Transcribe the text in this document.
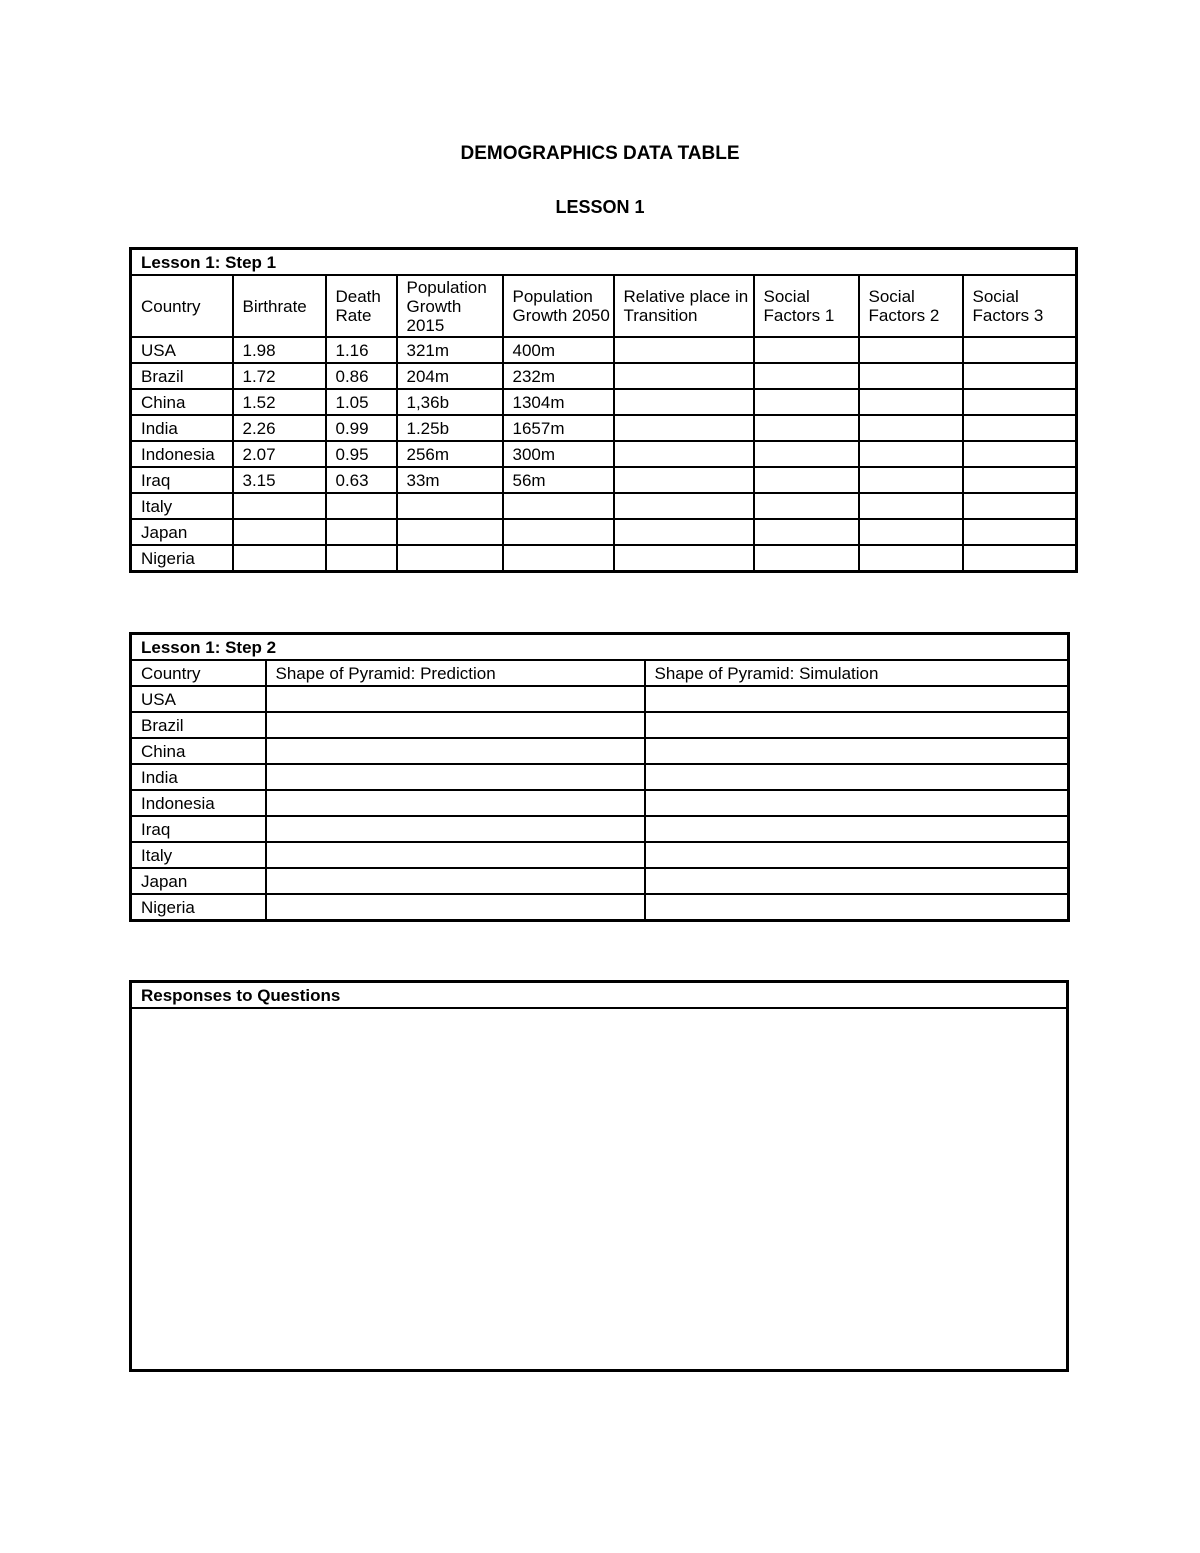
DEMOGRAPHICS DATA TABLE
LESSON 1
Lesson 1: Step 1								
Country	Birthrate	Death Rate	Population Growth 2015	Population Growth 2050	Relative place in Transition	Social Factors 1	Social Factors 2	Social Factors 3
USA	1.98	1.16	321m	400m				
Brazil	1.72	0.86	204m	232m				
China	1.52	1.05	1,36b	1304m				
India	2.26	0.99	1.25b	1657m				
Indonesia	2.07	0.95	256m	300m				
Iraq	3.15	0.63	33m	56m				
Italy								
Japan								
Nigeria								
Lesson 1: Step 2		
Country	Shape of Pyramid: Prediction	Shape of Pyramid: Simulation
USA		
Brazil		
China		
India		
Indonesia		
Iraq		
Italy		
Japan		
Nigeria		
Responses to Questions
